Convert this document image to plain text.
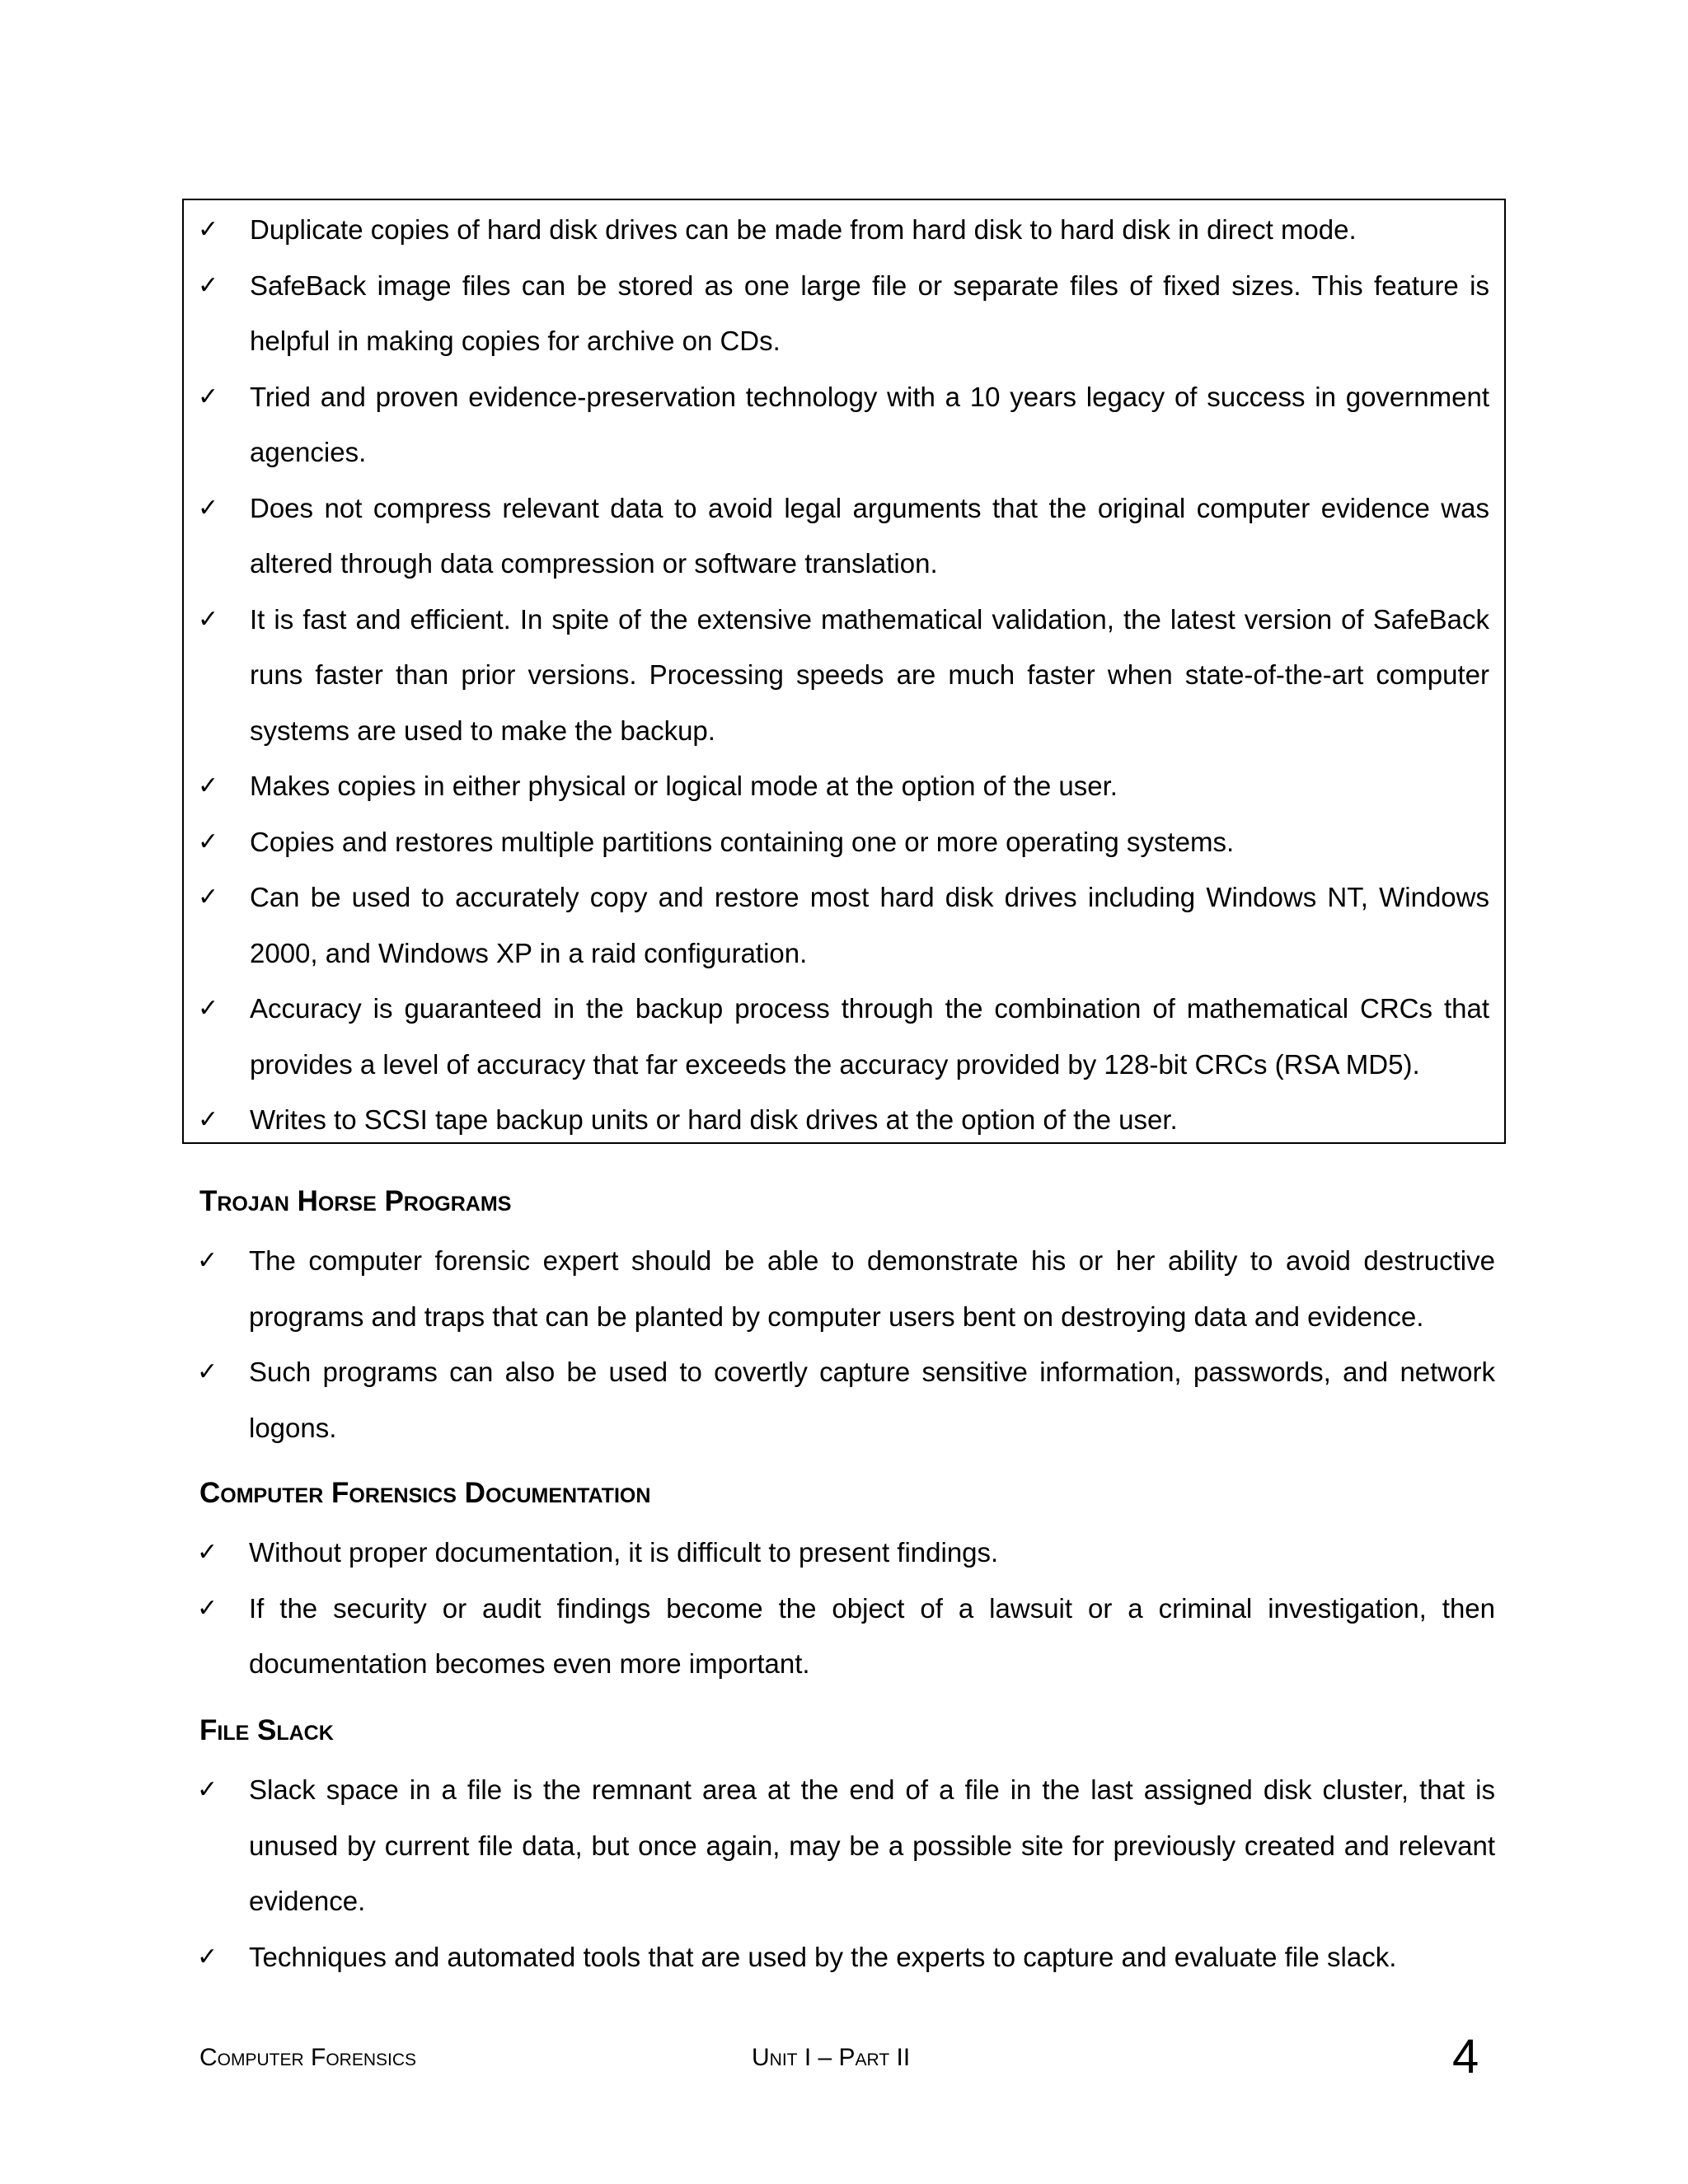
✓	Duplicate copies of hard disk drives can be made from hard disk to hard disk in direct mode.
✓	SafeBack image files can be stored as one large file or separate files of fixed sizes. This feature is helpful in making copies for archive on CDs.
✓	Tried and proven evidence-preservation technology with a 10 years legacy of success in government agencies.
✓	Does not compress relevant data to avoid legal arguments that the original computer evidence was altered through data compression or software translation.
✓	It is fast and efficient. In spite of the extensive mathematical validation, the latest version of SafeBack runs faster than prior versions. Processing speeds are much faster when state-of-the-art computer systems are used to make the backup.
✓	Makes copies in either physical or logical mode at the option of the user.
✓	Copies and restores multiple partitions containing one or more operating systems.
✓	Can be used to accurately copy and restore most hard disk drives including Windows NT, Windows 2000, and Windows XP in a raid configuration.
✓	Accuracy is guaranteed in the backup process through the combination of mathematical CRCs that provides a level of accuracy that far exceeds the accuracy provided by 128-bit CRCs (RSA MD5).
✓	Writes to SCSI tape backup units or hard disk drives at the option of the user.
Trojan Horse Programs
✓	The computer forensic expert should be able to demonstrate his or her ability to avoid destructive programs and traps that can be planted by computer users bent on destroying data and evidence.
✓	Such programs can also be used to covertly capture sensitive information, passwords, and network logons.
Computer Forensics Documentation
✓	Without proper documentation, it is difficult to present findings.
✓	If the security or audit findings become the object of a lawsuit or a criminal investigation, then documentation becomes even more important.
File Slack
✓	Slack space in a file is the remnant area at the end of a file in the last assigned disk cluster, that is unused by current file data, but once again, may be a possible site for previously created and relevant evidence.
✓	Techniques and automated tools that are used by the experts to capture and evaluate file slack.
Computer Forensics	Unit I – Part II	4
